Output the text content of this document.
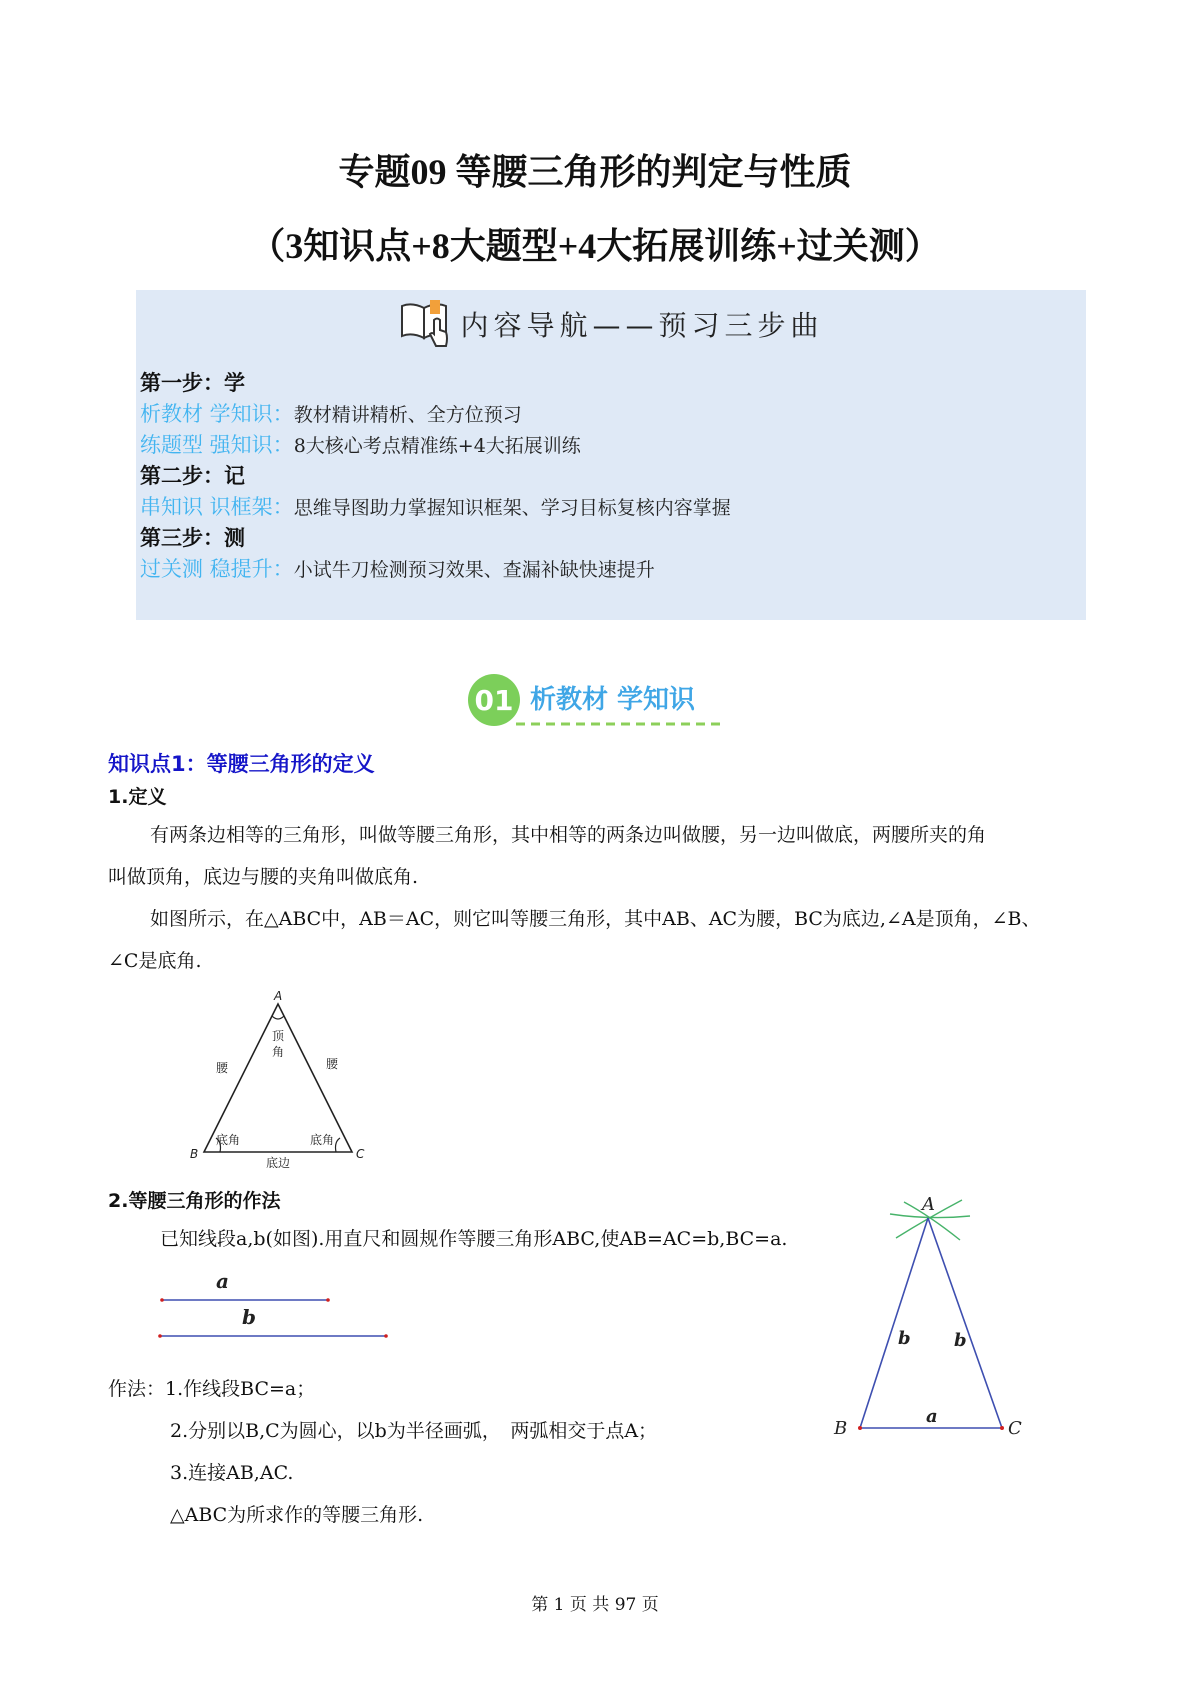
专题09 等腰三角形的判定与性质
（3知识点+8大题型+4大拓展训练+过关测）
内容导航——预习三步曲
第一步：学
析教材 学知识：教材精讲精析、全方位预习
练题型 强知识：8大核心考点精准练+4大拓展训练
第二步：记
串知识 识框架：思维导图助力掌握知识框架、学习目标复核内容掌握
第三步：测
过关测 稳提升：小试牛刀检测预习效果、查漏补缺快速提升
01 析教材 学知识
知识点1：等腰三角形的定义
1.定义
有两条边相等的三角形，叫做等腰三角形，其中相等的两条边叫做腰，另一边叫做底，两腰所夹的角
叫做顶角，底边与腰的夹角叫做底角.
如图所示，在△ABC中，AB＝AC，则它叫等腰三角形，其中AB、AC为腰，BC为底边,∠A是顶角，∠B、
∠C是底角.
A
B	C
顶
角
腰	腰
底角	底角
底边
2.等腰三角形的作法
已知线段a,b(如图).用直尺和圆规作等腰三角形ABC,使AB=AC=b,BC=a.
a
b
作法：1.作线段BC=a；
2.分别以B,C为圆心，以b为半径画弧，　两弧相交于点A；
3.连接AB,AC.
△ABC为所求作的等腰三角形.
A
B	C
a
b b
第 1 页 共 97 页
